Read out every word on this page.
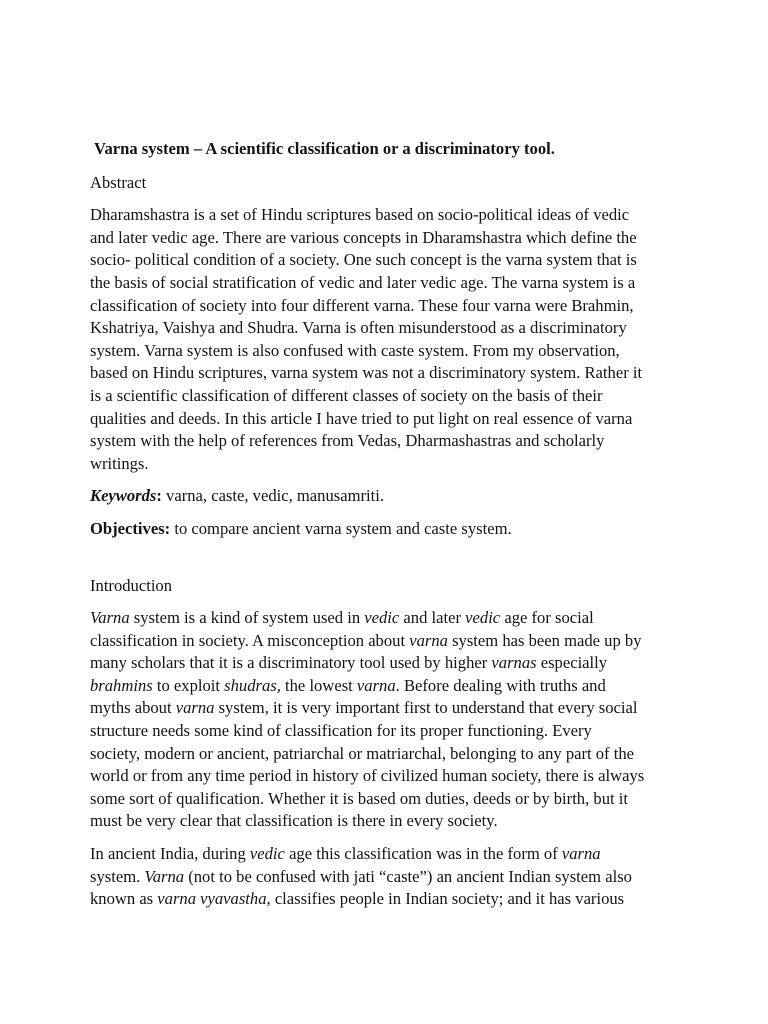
Varna system – A scientific classification or a discriminatory tool.
Abstract
Dharamshastra is a set of Hindu scriptures based on socio-political ideas of vedic
and later vedic age. There are various concepts in Dharamshastra which define the
socio- political condition of a society. One such concept is the varna system that is
the basis of social stratification of vedic and later vedic age. The varna system is a
classification of society into four different varna. These four varna were Brahmin,
Kshatriya, Vaishya and Shudra. Varna is often misunderstood as a discriminatory
system. Varna system is also confused with caste system. From my observation,
based on Hindu scriptures, varna system was not a discriminatory system. Rather it
is a scientific classification of different classes of society on the basis of their
qualities and deeds. In this article I have tried to put light on real essence of varna
system with the help of references from Vedas, Dharmashastras and scholarly
writings.
Keywords: varna, caste, vedic, manusamriti.
Objectives: to compare ancient varna system and caste system.
Introduction
Varna system is a kind of system used in vedic and later vedic age for social
classification in society. A misconception about varna system has been made up by
many scholars that it is a discriminatory tool used by higher varnas especially
brahmins to exploit shudras, the lowest varna. Before dealing with truths and
myths about varna system, it is very important first to understand that every social
structure needs some kind of classification for its proper functioning. Every
society, modern or ancient, patriarchal or matriarchal, belonging to any part of the
world or from any time period in history of civilized human society, there is always
some sort of qualification. Whether it is based om duties, deeds or by birth, but it
must be very clear that classification is there in every society.
In ancient India, during vedic age this classification was in the form of varna
system. Varna (not to be confused with jati “caste”) an ancient Indian system also
known as varna vyavastha, classifies people in Indian society; and it has various
